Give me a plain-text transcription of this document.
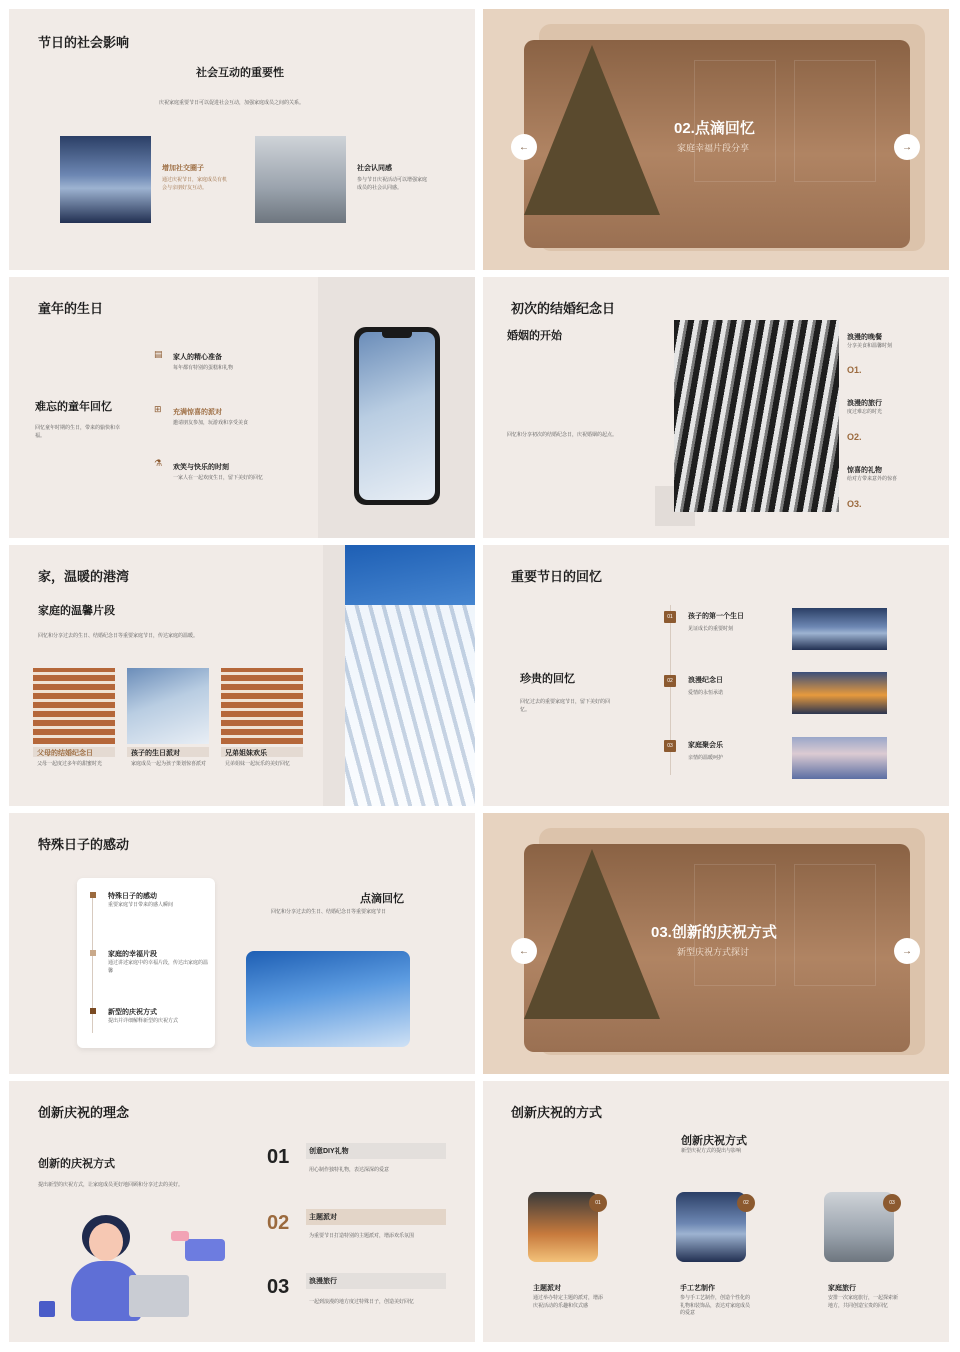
节日的社会影响
社会互动的重要性
庆祝家庭重要节日可以促进社会互动，加强家庭成员之间的关系。
增加社交圈子
通过庆祝节日，家庭成员有机会与亲朋好友互动。
社会认同感
参与节日庆祝活动可以增强家庭成员的社会认同感。
02.点滴回忆
家庭幸福片段分享
←	→
童年的生日
难忘的童年回忆
回忆童年时期的生日，带来的愉快和幸福。
▤ 家人的精心准备
每年都有特别的蛋糕和礼物
⊞ 充满惊喜的派对
邀请朋友参加，玩游戏和享受美食
⚗ 欢笑与快乐的时刻
一家人在一起欢度生日，留下美好的回忆
初次的结婚纪念日
婚姻的开始
回忆和分享初次的结婚纪念日，庆祝婚姻的起点。
浪漫的晚餐
分享美食和温馨时刻
O1.
浪漫的旅行
度过难忘的时光
O2.
惊喜的礼物
给对方带来意外的惊喜
O3.
家，温暖的港湾
家庭的温馨片段
回忆和分享过去的生日、结婚纪念日等重要家庭节日，传达家庭的温暖。
父母的结婚纪念日
父母一起度过多年的甜蜜时光
孩子的生日派对
家庭成员一起为孩子策划惊喜派对
兄弟姐妹欢乐
兄弟姐妹一起玩乐的美好回忆
重要节日的回忆
珍贵的回忆
回忆过去的重要家庭节日，留下美好的回忆。
01	孩子的第一个生日
见证成长的重要时刻
02	浪漫纪念日
爱情的永恒承诺
03	家庭聚会乐
亲情的温暖呵护
特殊日子的感动
特殊日子的感动
重要家庭节日带来的感人瞬间
家庭的幸福片段
通过讲述家庭中的幸福片段，传达出家庭的温馨
新型的庆祝方式
提出并详细解释新型的庆祝方式
点滴回忆
回忆和分享过去的生日、结婚纪念日等重要家庭节日
03.创新的庆祝方式
新型庆祝方式探讨
←	→
创新庆祝的理念
创新的庆祝方式
提出新型的庆祝方式，让家庭成员更好地回顾和分享过去的美好。
01	创意DIY礼物
用心制作独特礼物，表达深深的爱意
02	主题派对
为重要节日打造特别的主题派对，增添欢乐氛围
03	浪漫旅行
一起到浪漫的地方度过特殊日子，创造美好回忆
创新庆祝的方式
创新庆祝方式
新型庆祝方式的提出与影响
01
主题派对
通过举办特定主题的派对，增添庆祝活动的乐趣和仪式感
02
手工艺制作
参与手工艺制作，创造个性化的礼物和装饰品，表达对家庭成员的爱意
03
家庭旅行
安排一次家庭旅行，一起探索新地方，共同创造宝贵的回忆
